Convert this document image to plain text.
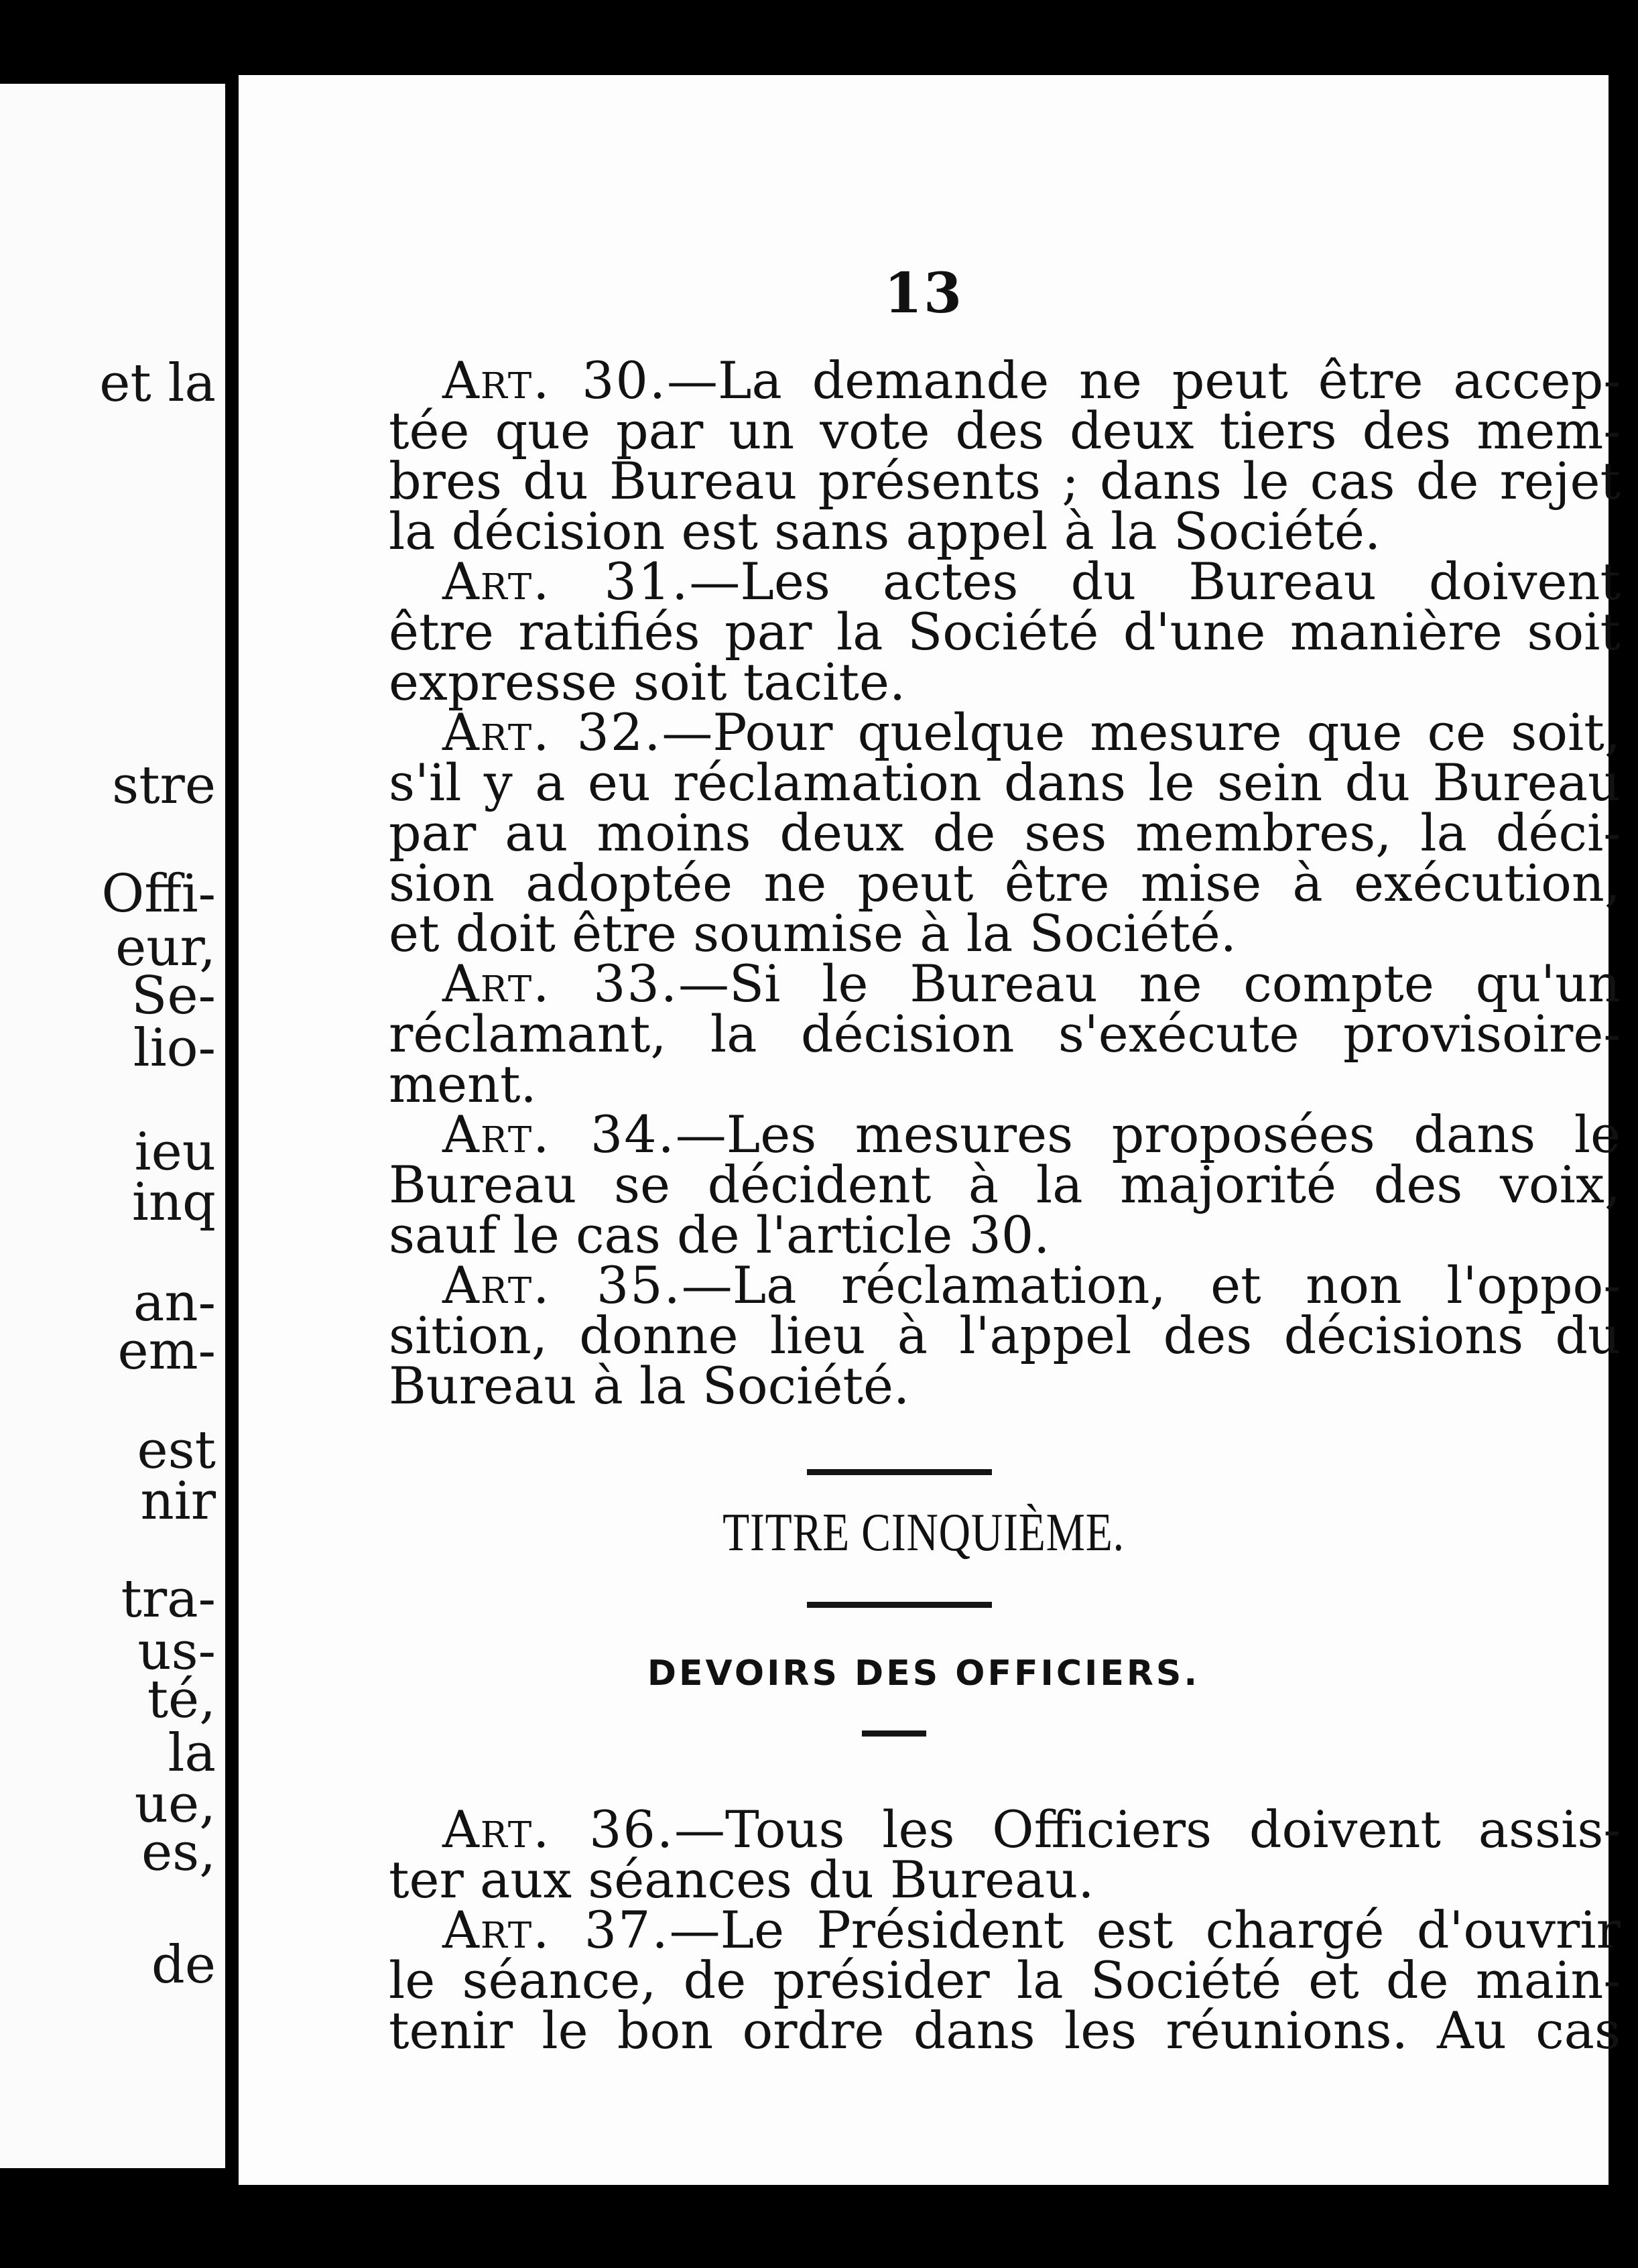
et la
stre
Offi-
eur,
Se-
lio-
ieu
inq
an-
em-
est
nir
tra-
us-
té,
la
ue,
es,
de
13
Art. 30.—La demande ne peut être accep-
tée que par un vote des deux tiers des mem-
bres du Bureau présents ; dans le cas de rejet
la décision est sans appel à la Société.
Art. 31.—Les actes du Bureau doivent
être ratifiés par la Société d'une manière soit
expresse soit tacite.
Art. 32.—Pour quelque mesure que ce soit,
s'il y a eu réclamation dans le sein du Bureau
par au moins deux de ses membres, la déci-
sion adoptée ne peut être mise à exécution,
et doit être soumise à la Société.
Art. 33.—Si le Bureau ne compte qu'un
réclamant, la décision s'exécute provisoire-
ment.
Art. 34.—Les mesures proposées dans le
Bureau se décident à la majorité des voix,
sauf le cas de l'article 30.
Art. 35.—La réclamation, et non l'oppo-
sition, donne lieu à l'appel des décisions du
Bureau à la Société.
TITRE CINQUIÈME.
DEVOIRS DES OFFICIERS.
Art. 36.—Tous les Officiers doivent assis-
ter aux séances du Bureau.
Art. 37.—Le Président est chargé d'ouvrir
le séance, de présider la Société et de main-
tenir le bon ordre dans les réunions. Au cas
